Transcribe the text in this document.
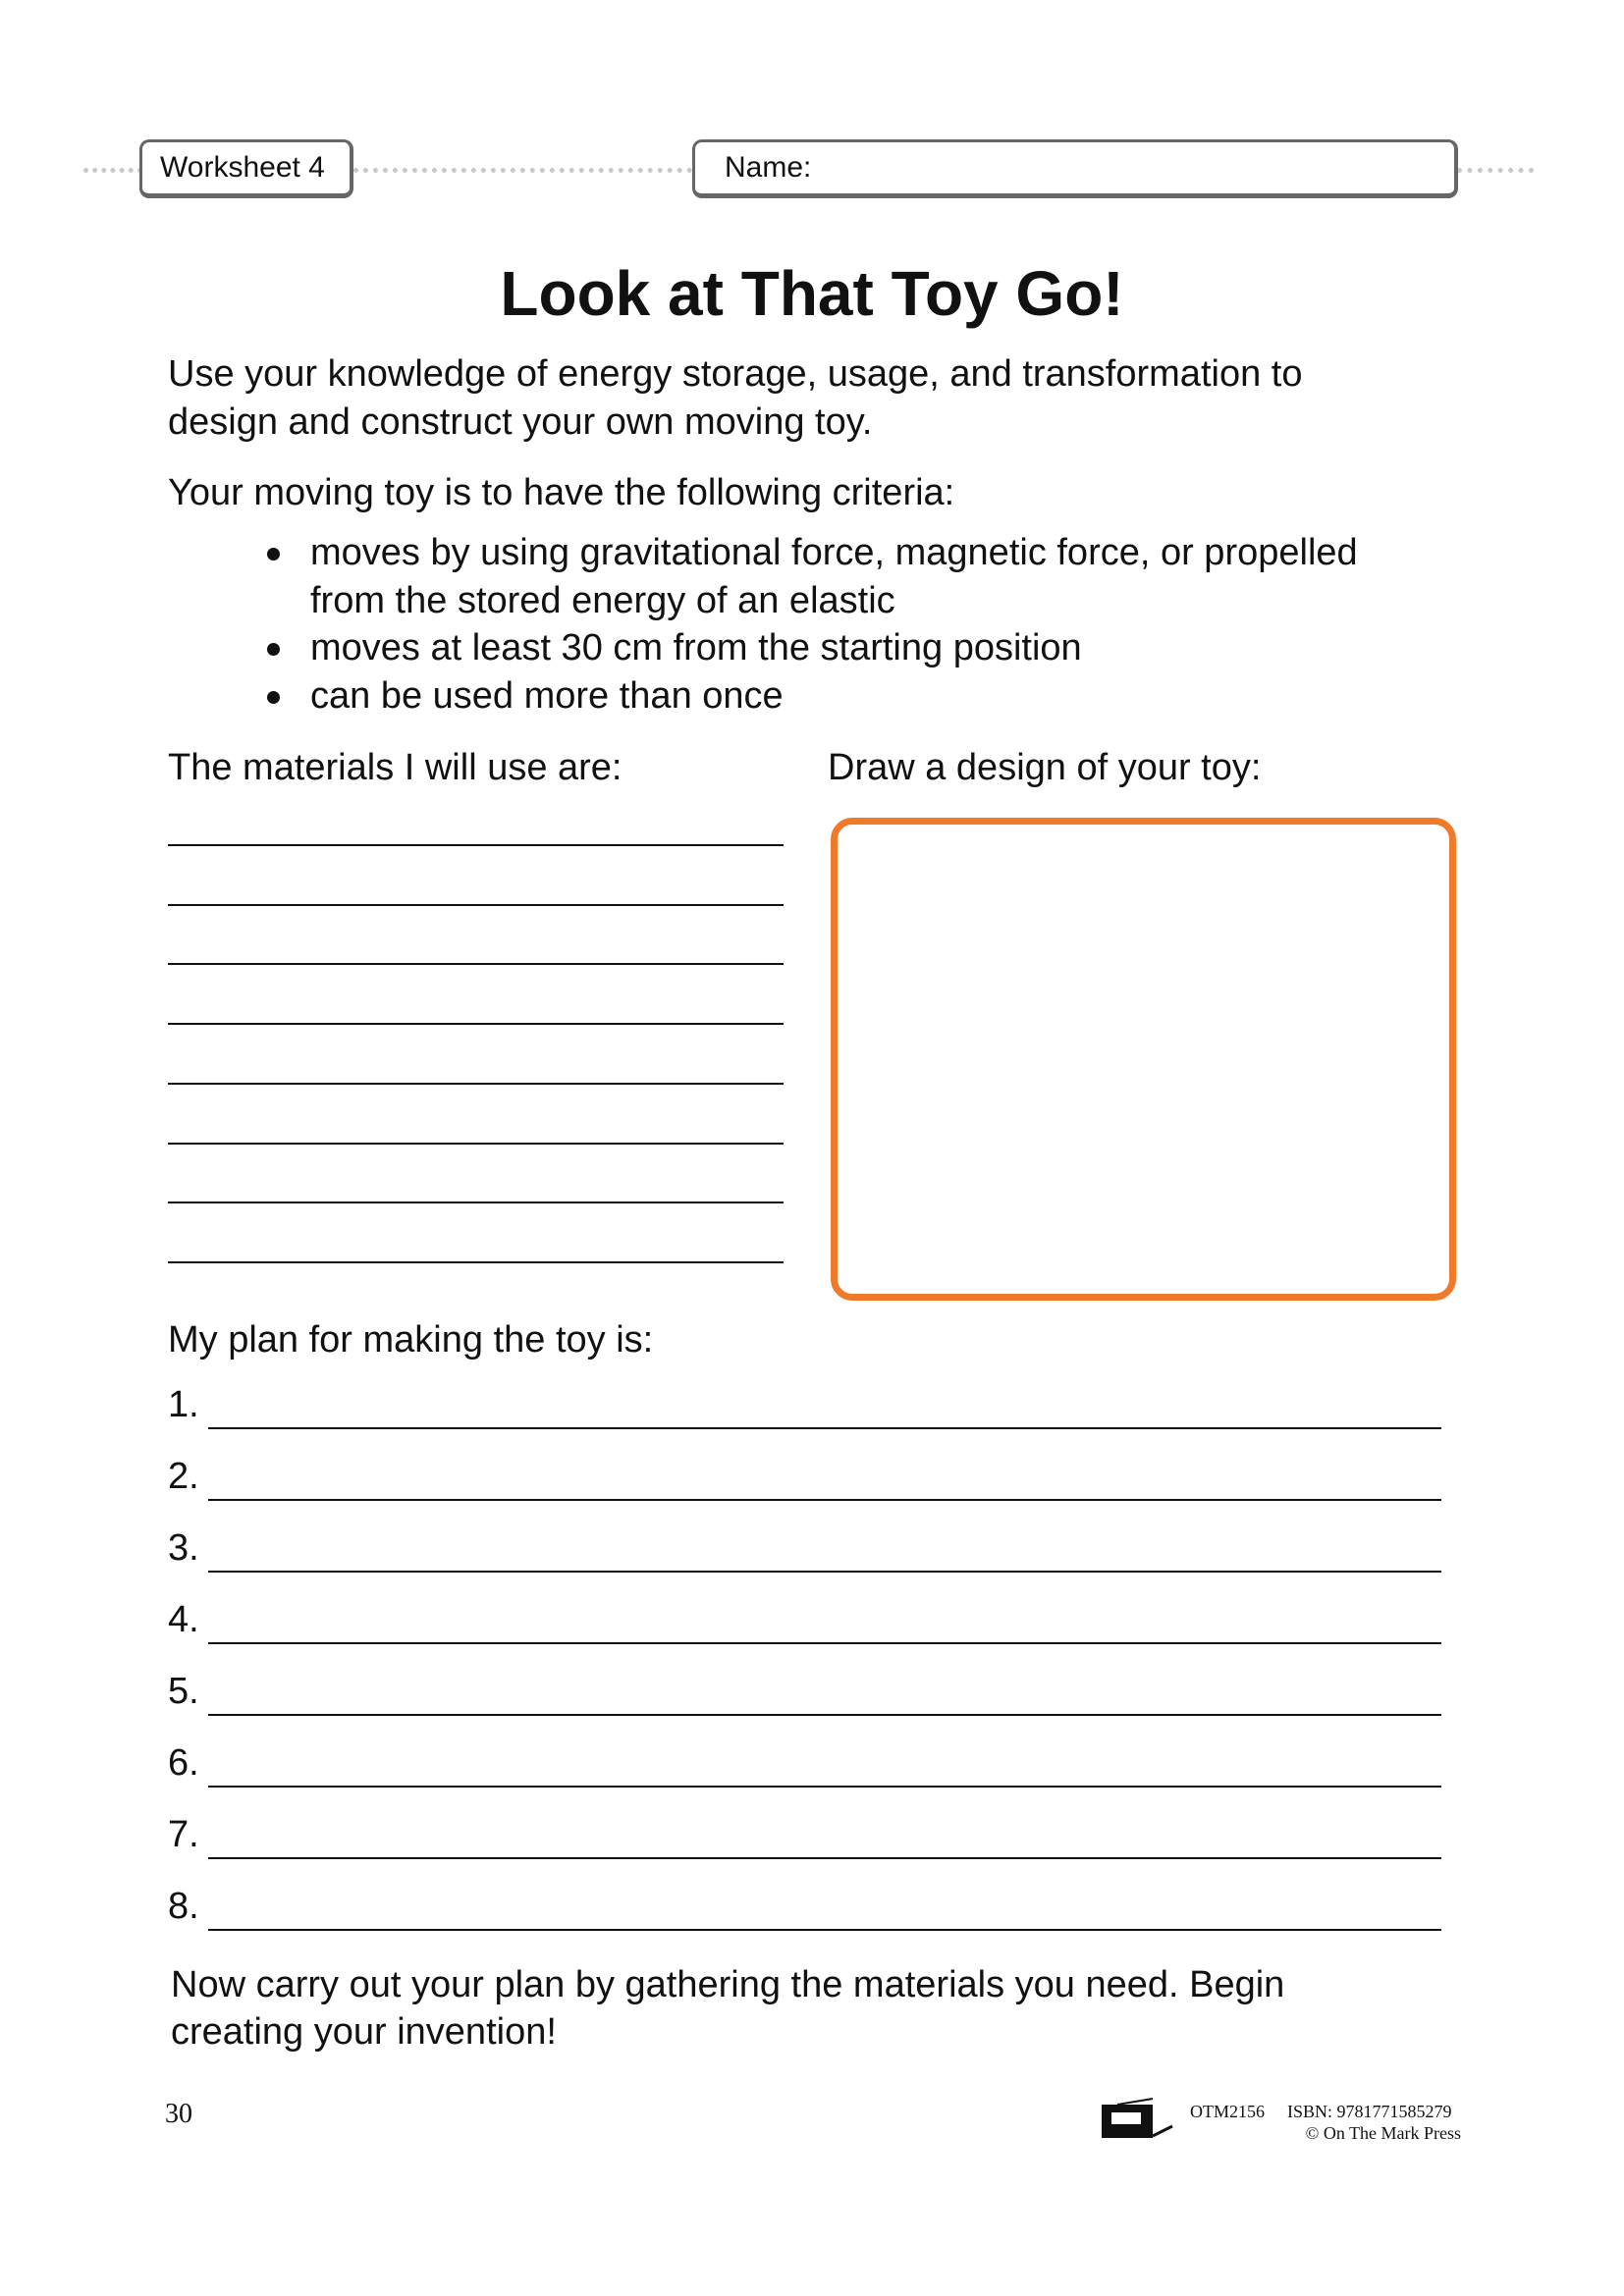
Worksheet 4	Name:
Look at That Toy Go!
Use your knowledge of energy storage, usage, and transformation to
design and construct your own moving toy.
Your moving toy is to have the following criteria:
moves by using gravitational force, magnetic force, or propelled
from the stored energy of an elastic
moves at least 30 cm from the starting position
can be used more than once
The materials I will use are:	Draw a design of your toy:
My plan for making the toy is:
1.
2.
3.
4.
5.
6.
7.
8.
Now carry out your plan by gathering the materials you need. Begin
creating your invention!
30	OTM2156 ISBN: 9781771585279
© On The Mark Press
